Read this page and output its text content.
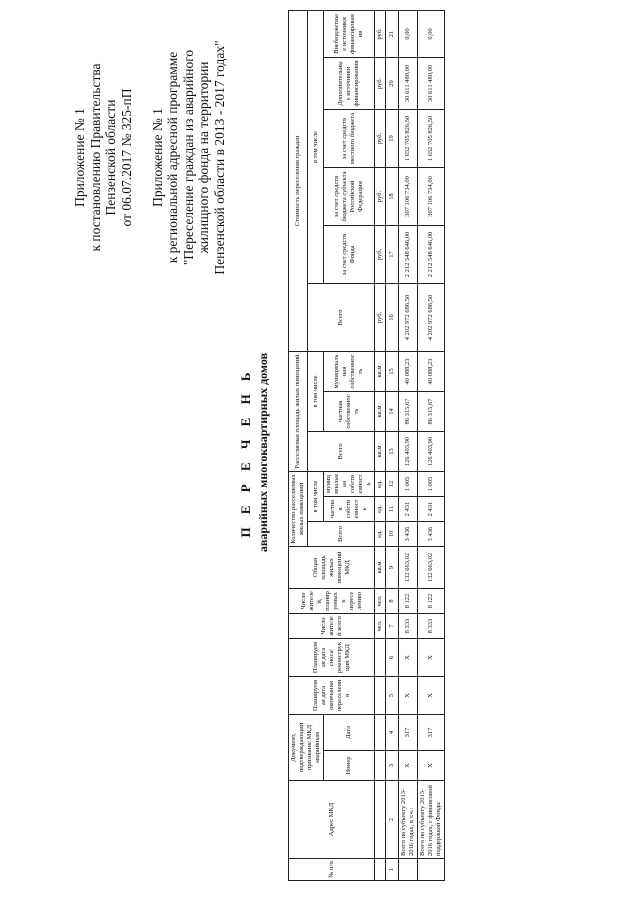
Приложение № 1 к постановлению Правительства Пензенской области от 06.07.2017 № 325-пП
Приложение № 1 к региональной адресной программе "Переселение граждан из аварийного жилищного фонда на территории Пензенской области в 2013 - 2017 годах"
П Е Р Е Ч Е Н Ь аварийных многоквартирных домов
№ п/п	Адрес МКД	Документ, подтверждающий признание МКД аварийным		Планируемая дата окончания переселения	Планируемая дата сноса/ реконструкции МКД	Число жителей всего	Число жителей, планируемых к переселению	Общая площадь жилых помещений МКД	Количество расселяемых жилых помещений			Расселяемая площадь жилых помещений			Стоимость переселения граждан					
									Всего	в том числе		Всего	в том числе		Всего	в том числе				
		Номер	Дата							частная собственность	муниципальная собственность		частная собственность	муниципальная собственность		за счет средств Фонда	за счет средств бюджета субъекта Российской Федерации	за счет средств местного бюджета	Дополнительные источники финансирования	Внебюджетные источники финансирования
						чел.	чел.	кв.м	ед.	ед.	ед.	кв.м	кв.м	кв.м	руб.	руб.	руб.	руб.	руб.	руб.
1	2	3	4	5	6	7	8	9	10	11	12	13	14	15	16	17	18	19	20	21
	Всего по субъекту 2013-2016 годах, в т.ч.:	Х	317	Х	Х	8 333	8 122	132 663,02	3 436	2 431	1 005	126 403,90	86 315,67	40 088,23	4 202 972 686,50	2 212 548 646,00	307 106 734,00	1 652 705 826,50	30 611 480,00	0,00
	Всего по субъекту 2013-2016 годах, с финансовой поддержкой Фонда:	Х	317	Х	Х	8 333	8 122	132 663,02	3 436	2 431	1 005	126 403,90	86 315,67	40 088,23	4 202 972 686,50	2 212 548 646,00	307 106 734,00	1 652 705 826,50	30 611 480,00	0,00
